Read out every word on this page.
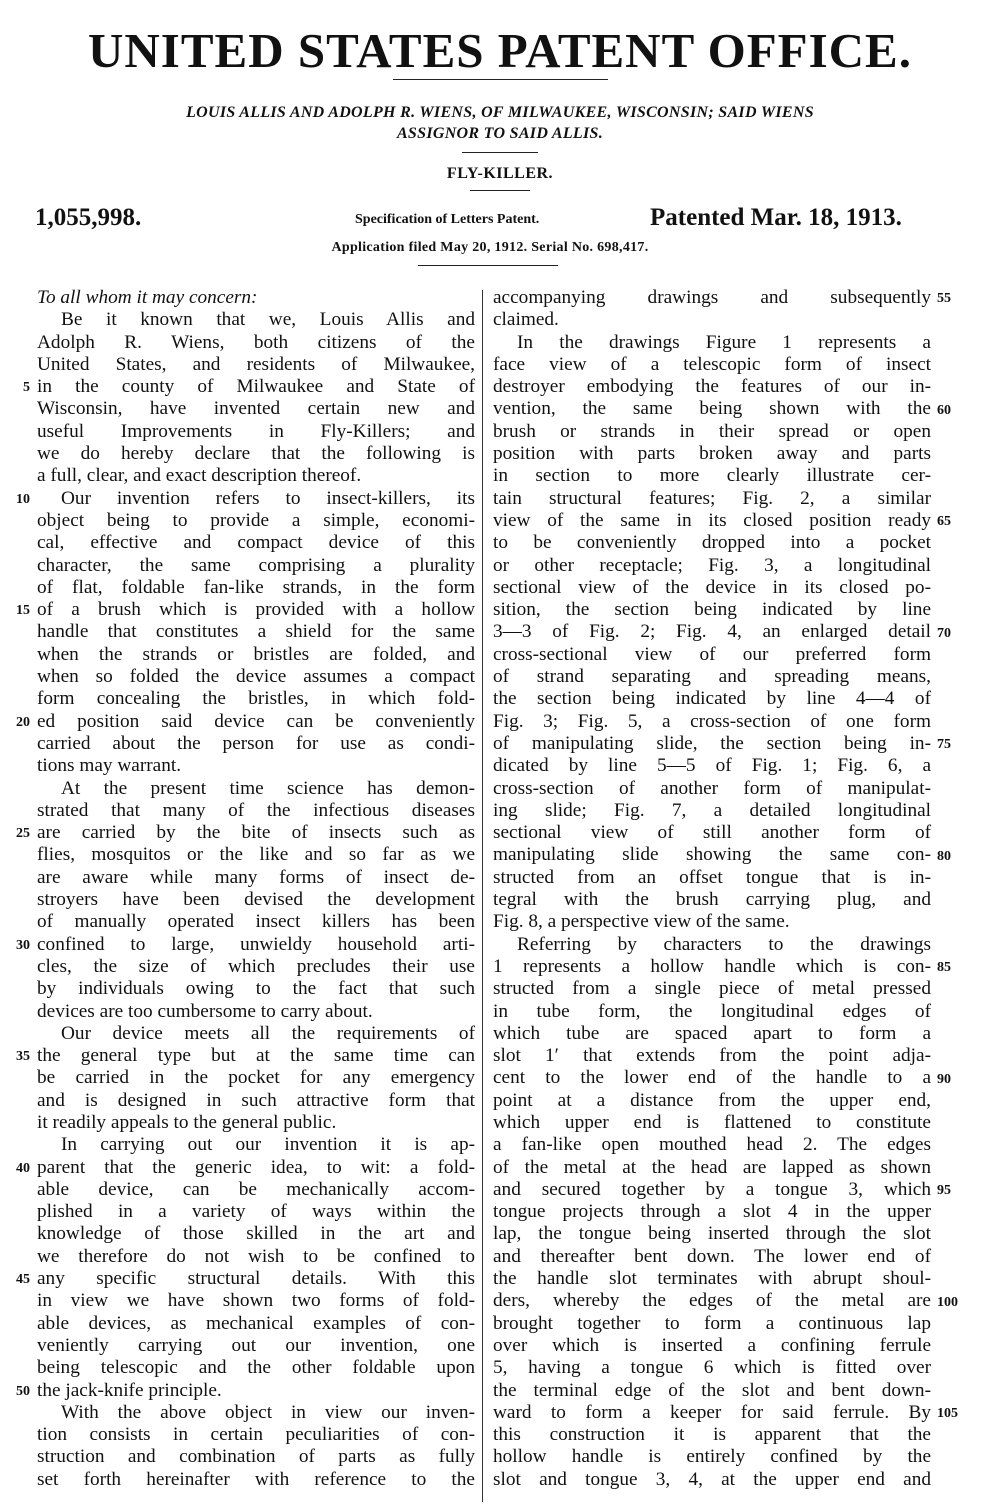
UNITED STATES PATENT OFFICE.
LOUIS ALLIS AND ADOLPH R. WIENS, OF MILWAUKEE, WISCONSIN; SAID WIENS
ASSIGNOR TO SAID ALLIS.
FLY-KILLER.
1,055,998.	Specification of Letters Patent.	Patented Mar. 18, 1913.
Application filed May 20, 1912. Serial No. 698,417.
To all whom it may concern:
Be it known that we, Louis Allis and
Adolph R. Wiens, both citizens of the
United States, and residents of Milwaukee,
in the county of Milwaukee and State of
Wisconsin, have invented certain new and
useful Improvements in Fly-Killers; and
we do hereby declare that the following is
a full, clear, and exact description thereof.
Our invention refers to insect-killers, its
object being to provide a simple, economi-
cal, effective and compact device of this
character, the same comprising a plurality
of flat, foldable fan-like strands, in the form
of a brush which is provided with a hollow
handle that constitutes a shield for the same
when the strands or bristles are folded, and
when so folded the device assumes a compact
form concealing the bristles, in which fold-
ed position said device can be conveniently
carried about the person for use as condi-
tions may warrant.
At the present time science has demon-
strated that many of the infectious diseases
are carried by the bite of insects such as
flies, mosquitos or the like and so far as we
are aware while many forms of insect de-
stroyers have been devised the development
of manually operated insect killers has been
confined to large, unwieldy household arti-
cles, the size of which precludes their use
by individuals owing to the fact that such
devices are too cumbersome to carry about.
Our device meets all the requirements of
the general type but at the same time can
be carried in the pocket for any emergency
and is designed in such attractive form that
it readily appeals to the general public.
In carrying out our invention it is ap-
parent that the generic idea, to wit: a fold-
able device, can be mechanically accom-
plished in a variety of ways within the
knowledge of those skilled in the art and
we therefore do not wish to be confined to
any specific structural details. With this
in view we have shown two forms of fold-
able devices, as mechanical examples of con-
veniently carrying out our invention, one
being telescopic and the other foldable upon
the jack-knife principle.
With the above object in view our inven-
tion consists in certain peculiarities of con-
struction and combination of parts as fully
set forth hereinafter with reference to the
accompanying drawings and subsequently
claimed.
In the drawings Figure 1 represents a
face view of a telescopic form of insect
destroyer embodying the features of our in-
vention, the same being shown with the
brush or strands in their spread or open
position with parts broken away and parts
in section to more clearly illustrate cer-
tain structural features; Fig. 2, a similar
view of the same in its closed position ready
to be conveniently dropped into a pocket
or other receptacle; Fig. 3, a longitudinal
sectional view of the device in its closed po-
sition, the section being indicated by line
3—3 of Fig. 2; Fig. 4, an enlarged detail
cross-sectional view of our preferred form
of strand separating and spreading means,
the section being indicated by line 4—4 of
Fig. 3; Fig. 5, a cross-section of one form
of manipulating slide, the section being in-
dicated by line 5—5 of Fig. 1; Fig. 6, a
cross-section of another form of manipulat-
ing slide; Fig. 7, a detailed longitudinal
sectional view of still another form of
manipulating slide showing the same con-
structed from an offset tongue that is in-
tegral with the brush carrying plug, and
Fig. 8, a perspective view of the same.
Referring by characters to the drawings
1 represents a hollow handle which is con-
structed from a single piece of metal pressed
in tube form, the longitudinal edges of
which tube are spaced apart to form a
slot 1′ that extends from the point adja-
cent to the lower end of the handle to a
point at a distance from the upper end,
which upper end is flattened to constitute
a fan-like open mouthed head 2. The edges
of the metal at the head are lapped as shown
and secured together by a tongue 3, which
tongue projects through a slot 4 in the upper
lap, the tongue being inserted through the slot
and thereafter bent down. The lower end of
the handle slot terminates with abrupt shoul-
ders, whereby the edges of the metal are
brought together to form a continuous lap
over which is inserted a confining ferrule
5, having a tongue 6 which is fitted over
the terminal edge of the slot and bent down-
ward to form a keeper for said ferrule. By
this construction it is apparent that the
hollow handle is entirely confined by the
slot and tongue 3, 4, at the upper end and
5
10
15
20
25
30
35
40
45
50
55
60
65
70
75
80
85
90
95
100
105
